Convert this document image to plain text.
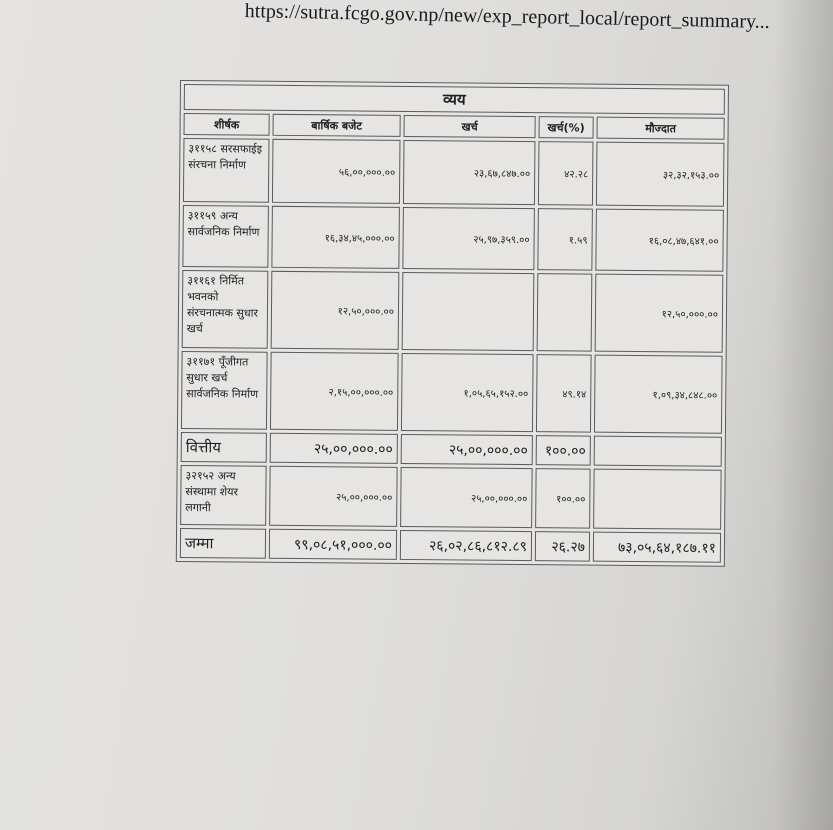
https://sutra.fcgo.gov.np/new/exp_report_local/report_summary...
व्यय				
शीर्षक	बार्षिक बजेट	खर्च	खर्च(%)	मौज्दात
३११५८ सरसफाईइ संरचना निर्माण	५६,००,०००.००	२३,६७,८४७.००	४२.२८	३२,३२,१५३.००
३११५९ अन्य सार्वजनिक निर्माण	१६,३४,४५,०००.००	२५,९७,३५९.००	१.५९	१६,०८,४७,६४१.००
३११६१ निर्मित भवनको संरचनात्मक सुधार खर्च	१२,५०,०००.००			१२,५०,०००.००
३११७१ पूँजीगत सुधार खर्च सार्वजनिक निर्माण	२,१५,००,०००.००	१,०५,६५,१५२.००	४९.१४	१,०९,३४,८४८.००
वित्तीय	२५,००,०००.००	२५,००,०००.००	१००.००	
३२१५२ अन्य संस्थामा शेयर लगानी	२५,००,०००.००	२५,००,०००.००	१००.००	
जम्मा	९९,०८,५१,०००.००	२६,०२,८६,८१२.८९	२६.२७	७३,०५,६४,१८७.११
